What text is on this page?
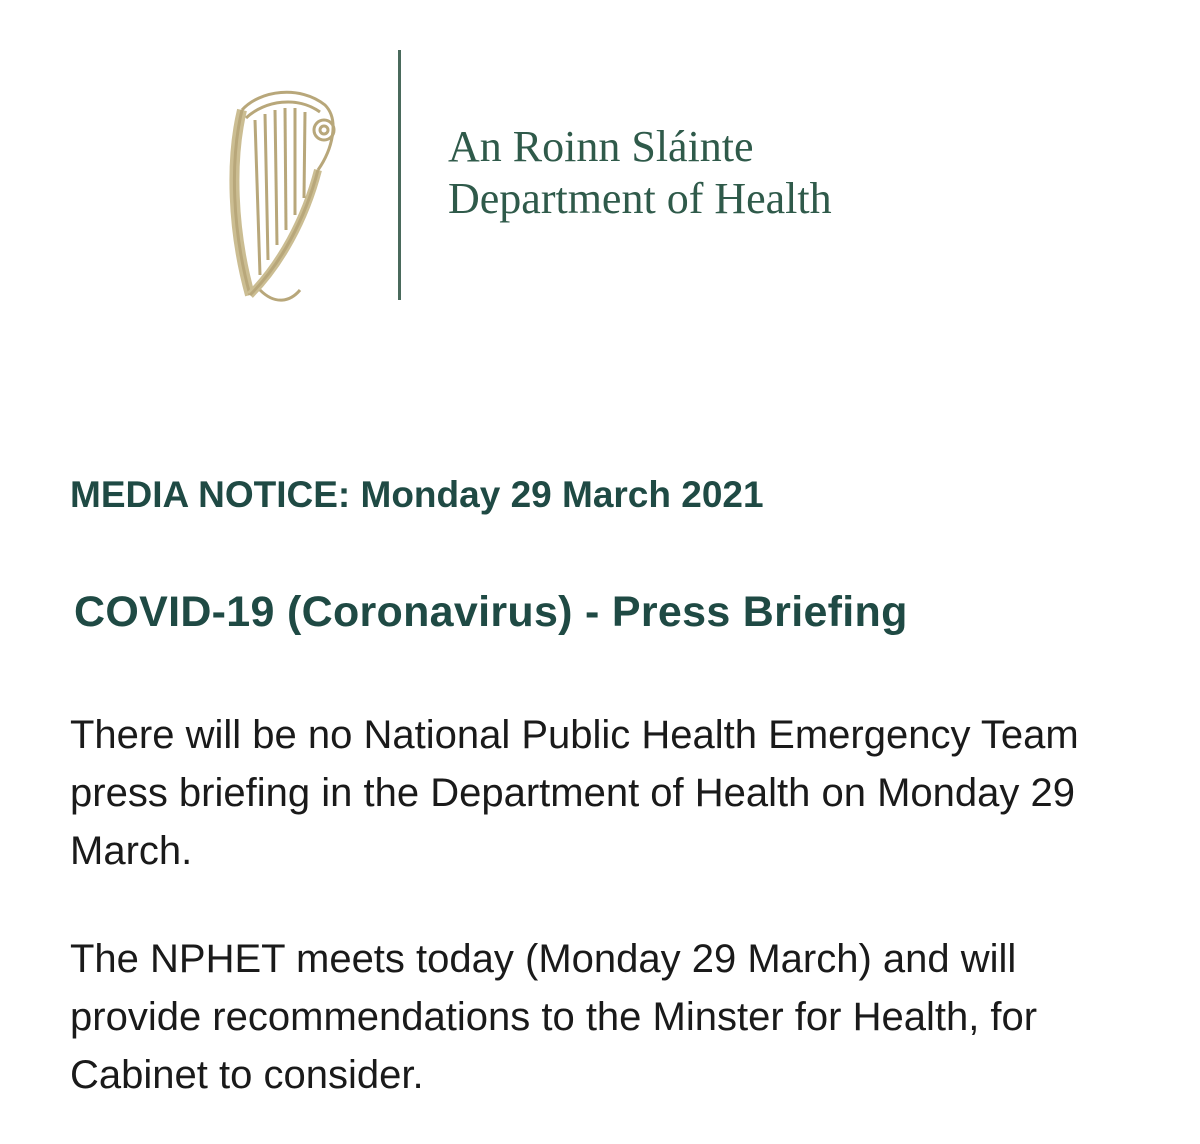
An Roinn Sláinte
Department of Health
MEDIA NOTICE: Monday 29 March 2021
COVID-19 (Coronavirus) - Press Briefing
There will be no National Public Health Emergency Team press briefing in the Department of Health on Monday 29 March.
The NPHET meets today (Monday 29 March) and will provide recommendations to the Minster for Health, for Cabinet to consider.
